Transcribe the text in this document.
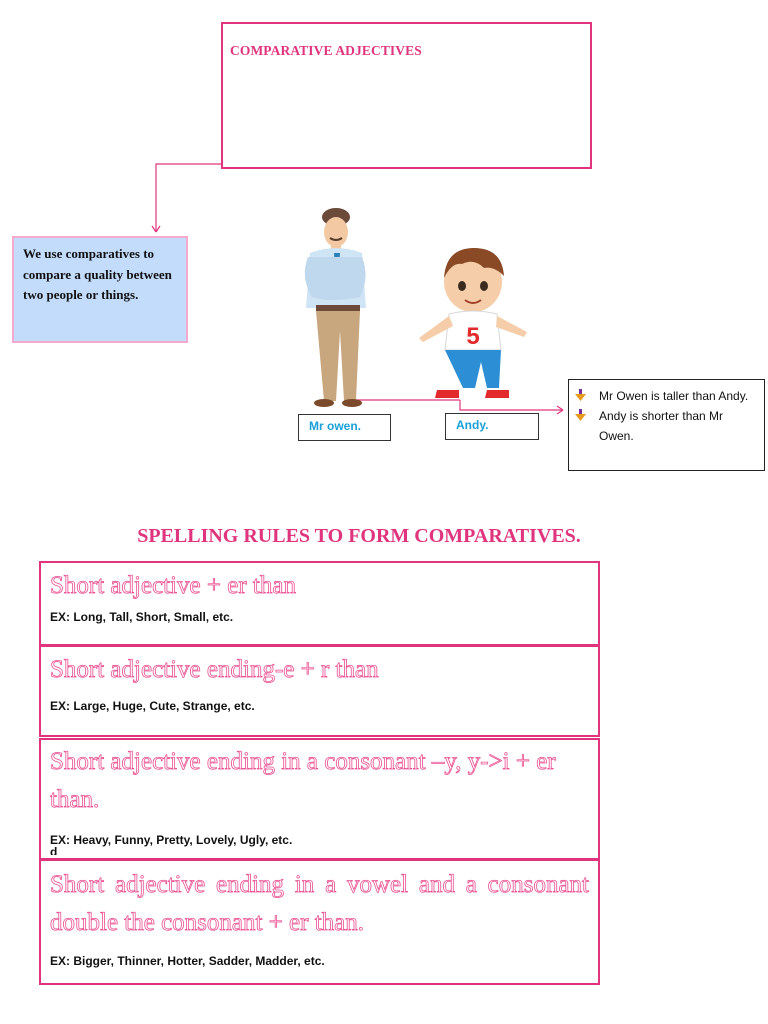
COMPARATIVE ADJECTIVES
We use comparatives to compare a quality between two people or things.
5
Mr owen.	Andy.
Mr Owen is taller than Andy.
Andy is shorter than Mr Owen.
SPELLING RULES TO FORM COMPARATIVES.
Short adjective + er than
EX: Long, Tall, Short, Small, etc.
Short adjective ending-e + r than
EX: Large, Huge, Cute, Strange, etc.
Short adjective ending in a consonant –y, y->i + er than.
EX: Heavy, Funny, Pretty, Lovely, Ugly, etc.
d
Short adjective ending in a vowel and a consonant double the consonant + er than.
EX: Bigger, Thinner, Hotter, Sadder, Madder, etc.
